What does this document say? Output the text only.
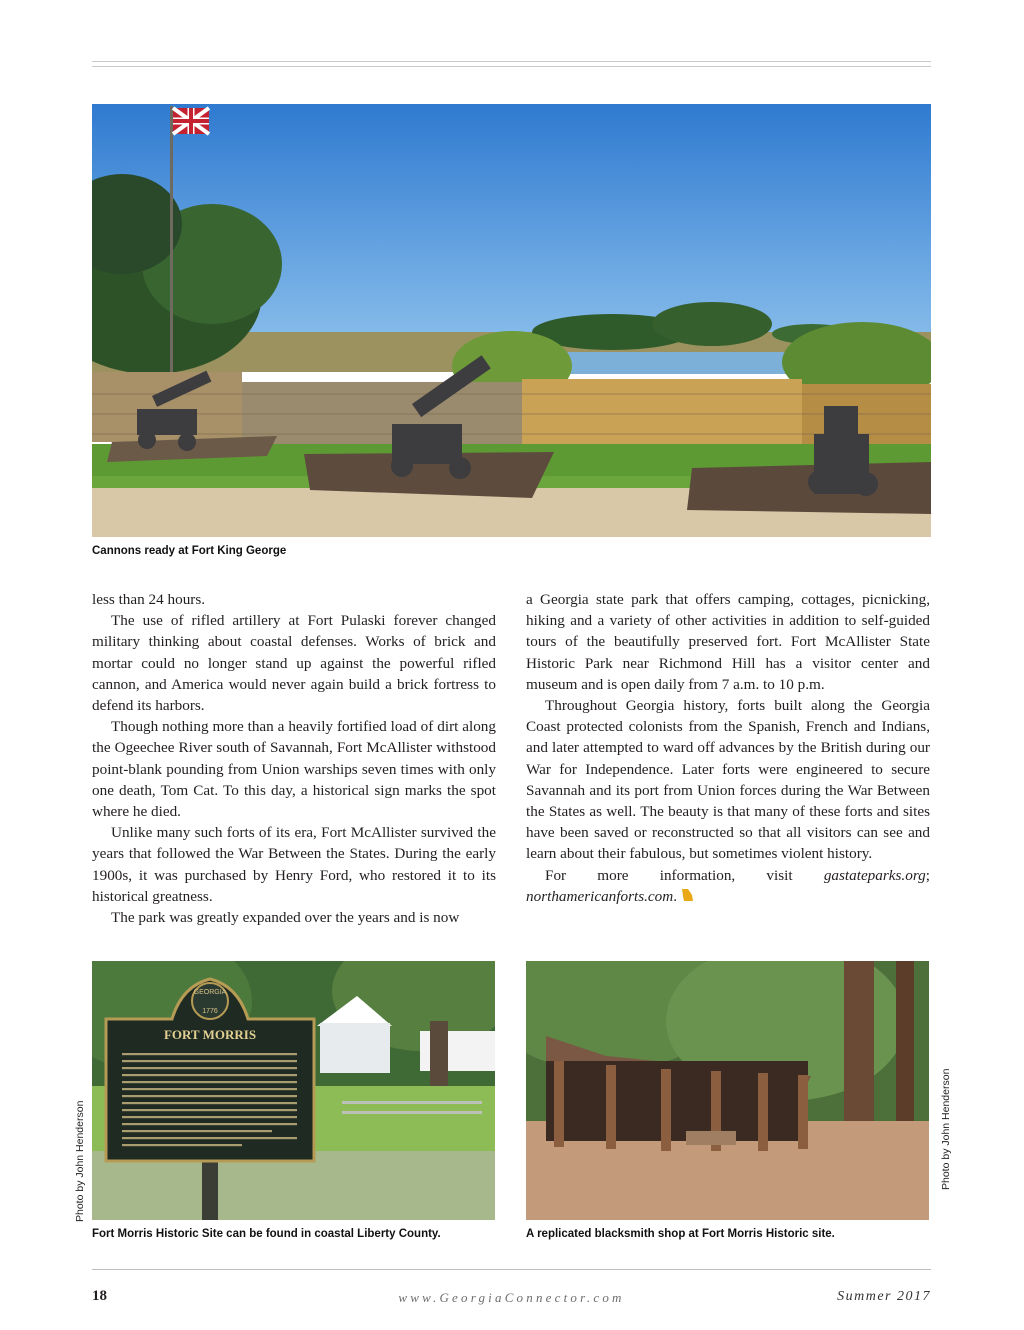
Cannons ready at Fort King George

less than 24 hours.

The use of rifled artillery at Fort Pulaski forever changed military thinking about coastal defenses. Works of brick and mortar could no longer stand up against the powerful rifled cannon, and America would never again build a brick fortress to defend its harbors.

Though nothing more than a heavily fortified load of dirt along the Ogeechee River south of Savannah, Fort McAllister withstood point-blank pounding from Union warships seven times with only one death, Tom Cat. To this day, a historical sign marks the spot where he died.

Unlike many such forts of its era, Fort McAllister survived the years that followed the War Between the States. During the early 1900s, it was purchased by Henry Ford, who restored it to its historical greatness.

The park was greatly expanded over the years and is now

a Georgia state park that offers camping, cottages, picnicking, hiking and a variety of other activities in addition to self-guided tours of the beautifully preserved fort. Fort McAllister State Historic Park near Richmond Hill has a visitor center and museum and is open daily from 7 a.m. to 10 p.m.

Throughout Georgia history, forts built along the Georgia Coast protected colonists from the Spanish, French and Indians, and later attempted to ward off advances by the British during our War for Independence. Later forts were engineered to secure Savannah and its port from Union forces during the War Between the States as well. The beauty is that many of these forts and sites have been saved or reconstructed so that all visitors can see and learn about their fabulous, but sometimes violent history.

For more information, visit gastateparks.org; northamericanforts.com.

GEORGIA
1776
FORT MORRIS
Photo by John Henderson
Fort Morris Historic Site can be found in coastal Liberty County.
Photo by John Henderson
A replicated blacksmith shop at Fort Morris Historic site.
18	www.GeorgiaConnector.com	Summer 2017
